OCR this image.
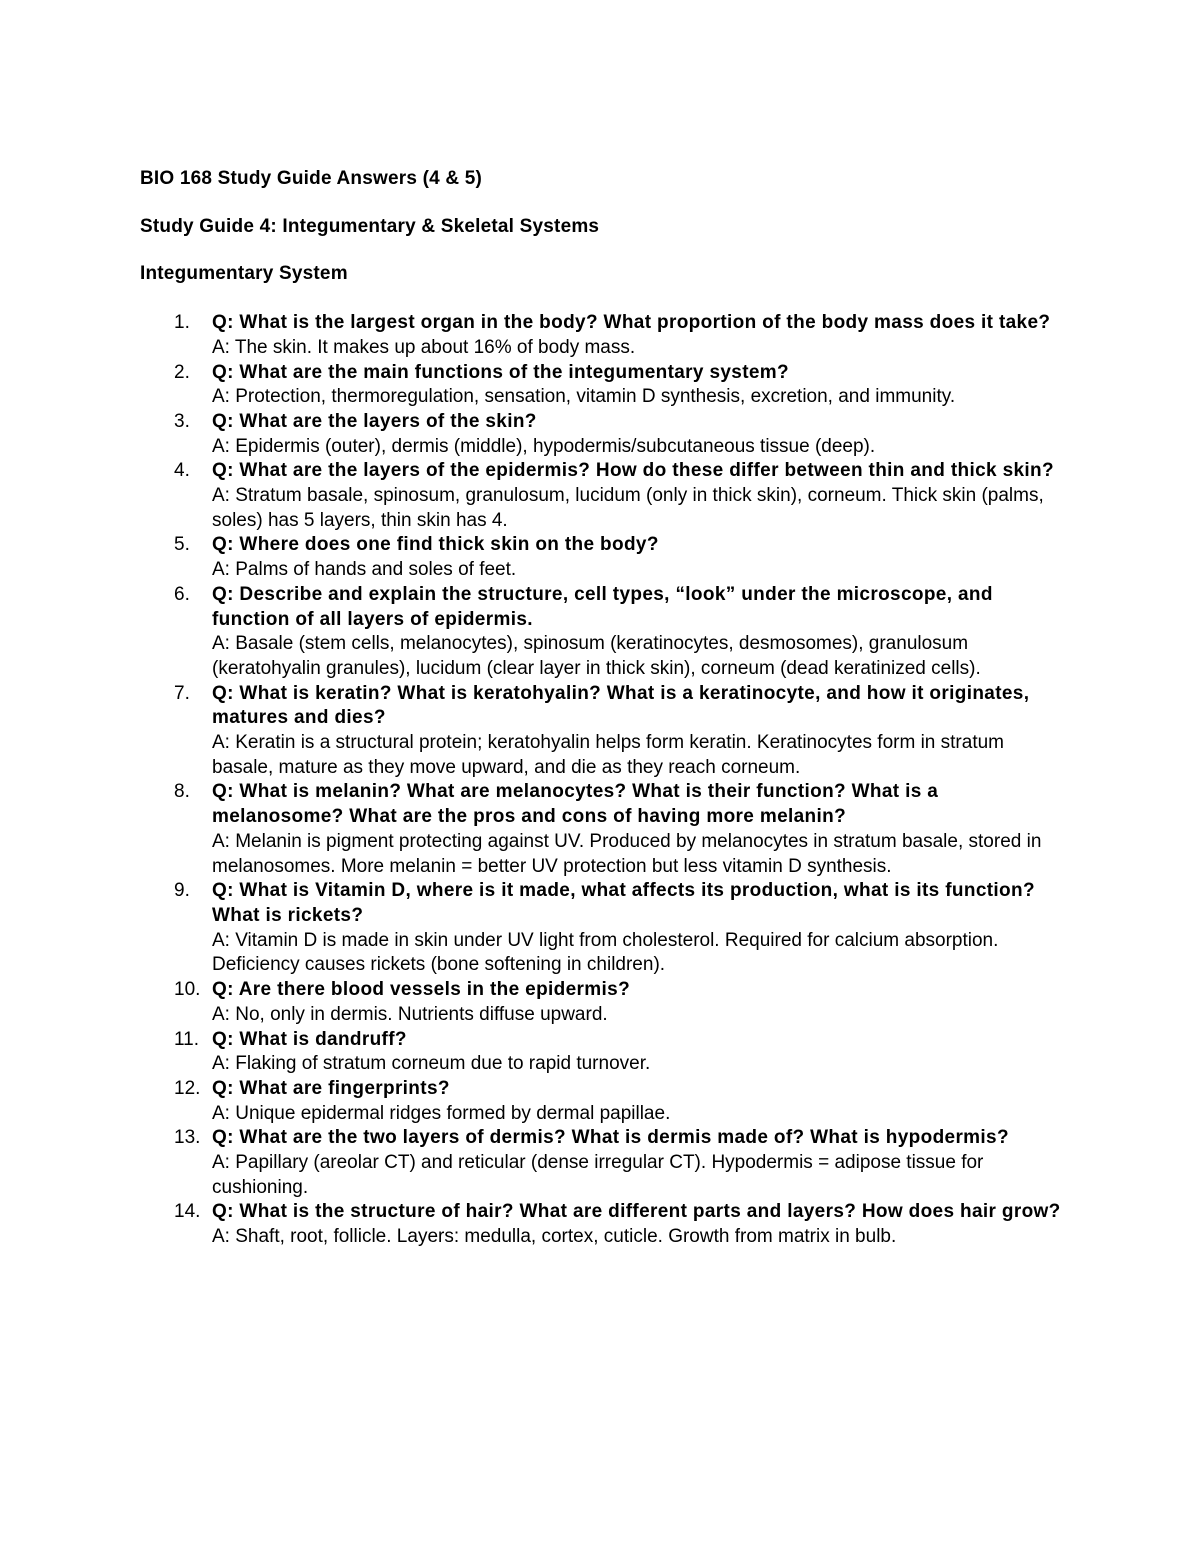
BIO 168 Study Guide Answers (4 & 5)

Study Guide 4: Integumentary & Skeletal Systems

Integumentary System

1.	Q: What is the largest organ in the body? What proportion of the body mass does it take?
A: The skin. It makes up about 16% of body mass.
2.	Q: What are the main functions of the integumentary system?
A: Protection, thermoregulation, sensation, vitamin D synthesis, excretion, and immunity.
3.	Q: What are the layers of the skin?
A: Epidermis (outer), dermis (middle), hypodermis/subcutaneous tissue (deep).
4.	Q: What are the layers of the epidermis? How do these differ between thin and thick skin?
A: Stratum basale, spinosum, granulosum, lucidum (only in thick skin), corneum. Thick skin (palms, soles) has 5 layers, thin skin has 4.
5.	Q: Where does one find thick skin on the body?
A: Palms of hands and soles of feet.
6.	Q: Describe and explain the structure, cell types, “look” under the microscope, and function of all layers of epidermis.
A: Basale (stem cells, melanocytes), spinosum (keratinocytes, desmosomes), granulosum (keratohyalin granules), lucidum (clear layer in thick skin), corneum (dead keratinized cells).
7.	Q: What is keratin? What is keratohyalin? What is a keratinocyte, and how it originates, matures and dies?
A: Keratin is a structural protein; keratohyalin helps form keratin. Keratinocytes form in stratum basale, mature as they move upward, and die as they reach corneum.
8.	Q: What is melanin? What are melanocytes? What is their function? What is a melanosome? What are the pros and cons of having more melanin?
A: Melanin is pigment protecting against UV. Produced by melanocytes in stratum basale, stored in melanosomes. More melanin = better UV protection but less vitamin D synthesis.
9.	Q: What is Vitamin D, where is it made, what affects its production, what is its function? What is rickets?
A: Vitamin D is made in skin under UV light from cholesterol. Required for calcium absorption. Deficiency causes rickets (bone softening in children).
10. Q: Are there blood vessels in the epidermis?
A: No, only in dermis. Nutrients diffuse upward.
11. Q: What is dandruff?
A: Flaking of stratum corneum due to rapid turnover.
12. Q: What are fingerprints?
A: Unique epidermal ridges formed by dermal papillae.
13. Q: What are the two layers of dermis? What is dermis made of? What is hypodermis?
A: Papillary (areolar CT) and reticular (dense irregular CT). Hypodermis = adipose tissue for cushioning.
14. Q: What is the structure of hair? What are different parts and layers? How does hair grow?
A: Shaft, root, follicle. Layers: medulla, cortex, cuticle. Growth from matrix in bulb.
